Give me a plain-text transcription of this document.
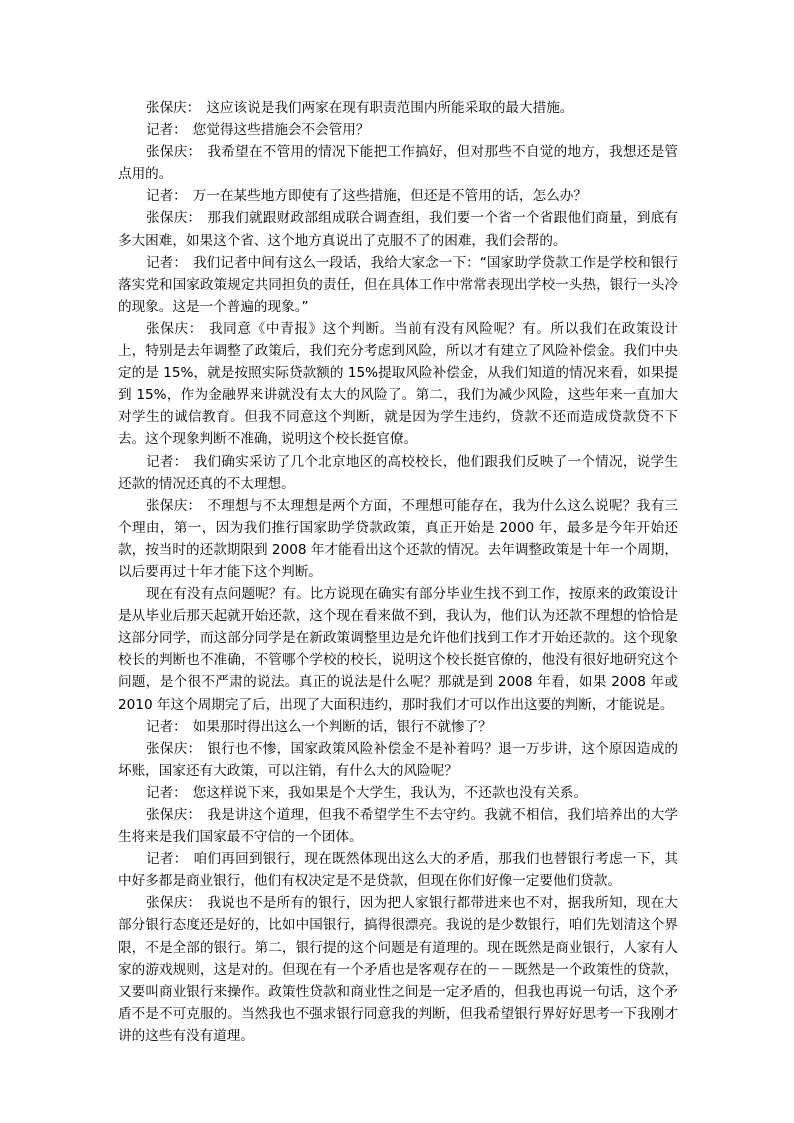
张保庆： 这应该说是我们两家在现有职责范围内所能采取的最大措施。

记者： 您觉得这些措施会不会管用？

张保庆： 我希望在不管用的情况下能把工作搞好，但对那些不自觉的地方，我想还是管点用的。

记者： 万一在某些地方即使有了这些措施，但还是不管用的话，怎么办？

张保庆： 那我们就跟财政部组成联合调查组，我们要一个省一个省跟他们商量，到底有多大困难，如果这个省、这个地方真说出了克服不了的困难，我们会帮的。

记者： 我们记者中间有这么一段话，我给大家念一下：“国家助学贷款工作是学校和银行落实党和国家政策规定共同担负的责任，但在具体工作中常常表现出学校一头热，银行一头冷的现象。这是一个普遍的现象。”

张保庆： 我同意《中青报》这个判断。当前有没有风险呢？有。所以我们在政策设计上，特别是去年调整了政策后，我们充分考虑到风险，所以才有建立了风险补偿金。我们中央定的是 15%，就是按照实际贷款额的 15%提取风险补偿金，从我们知道的情况来看，如果提到 15%，作为金融界来讲就没有太大的风险了。第二，我们为减少风险，这些年来一直加大对学生的诚信教育。但我不同意这个判断，就是因为学生违约，贷款不还而造成贷款贷不下去。这个现象判断不准确，说明这个校长挺官僚。

记者： 我们确实采访了几个北京地区的高校校长，他们跟我们反映了一个情况，说学生还款的情况还真的不太理想。

张保庆： 不理想与不太理想是两个方面，不理想可能存在，我为什么这么说呢？我有三个理由，第一，因为我们推行国家助学贷款政策，真正开始是 2000 年，最多是今年开始还款，按当时的还款期限到 2008 年才能看出这个还款的情况。去年调整政策是十年一个周期，以后要再过十年才能下这个判断。

现在有没有点问题呢？有。比方说现在确实有部分毕业生找不到工作，按原来的政策设计是从毕业后那天起就开始还款，这个现在看来做不到，我认为，他们认为还款不理想的恰恰是这部分同学，而这部分同学是在新政策调整里边是允许他们找到工作才开始还款的。这个现象校长的判断也不准确，不管哪个学校的校长，说明这个校长挺官僚的，他没有很好地研究这个问题，是个很不严肃的说法。真正的说法是什么呢？那就是到 2008 年看，如果 2008 年或 2010 年这个周期完了后，出现了大面积违约，那时我们才可以作出这要的判断，才能说是。

记者： 如果那时得出这么一个判断的话，银行不就惨了？

张保庆： 银行也不惨，国家政策风险补偿金不是补着吗？退一万步讲，这个原因造成的坏账，国家还有大政策，可以注销，有什么大的风险呢？

记者： 您这样说下来，我如果是个大学生，我认为，不还款也没有关系。

张保庆： 我是讲这个道理，但我不希望学生不去守约。我就不相信，我们培养出的大学生将来是我们国家最不守信的一个团体。

记者： 咱们再回到银行，现在既然体现出这么大的矛盾，那我们也替银行考虑一下，其中好多都是商业银行，他们有权决定是不是贷款，但现在你们好像一定要他们贷款。

张保庆： 我说也不是所有的银行，因为把人家银行都带进来也不对，据我所知，现在大部分银行态度还是好的，比如中国银行，搞得很漂亮。我说的是少数银行，咱们先划清这个界限，不是全部的银行。第二，银行提的这个问题是有道理的。现在既然是商业银行，人家有人家的游戏规则，这是对的。但现在有一个矛盾也是客观存在的－－既然是一个政策性的贷款，又要叫商业银行来操作。政策性贷款和商业性之间是一定矛盾的，但我也再说一句话，这个矛盾不是不可克服的。当然我也不强求银行同意我的判断，但我希望银行界好好思考一下我刚才讲的这些有没有道理。
